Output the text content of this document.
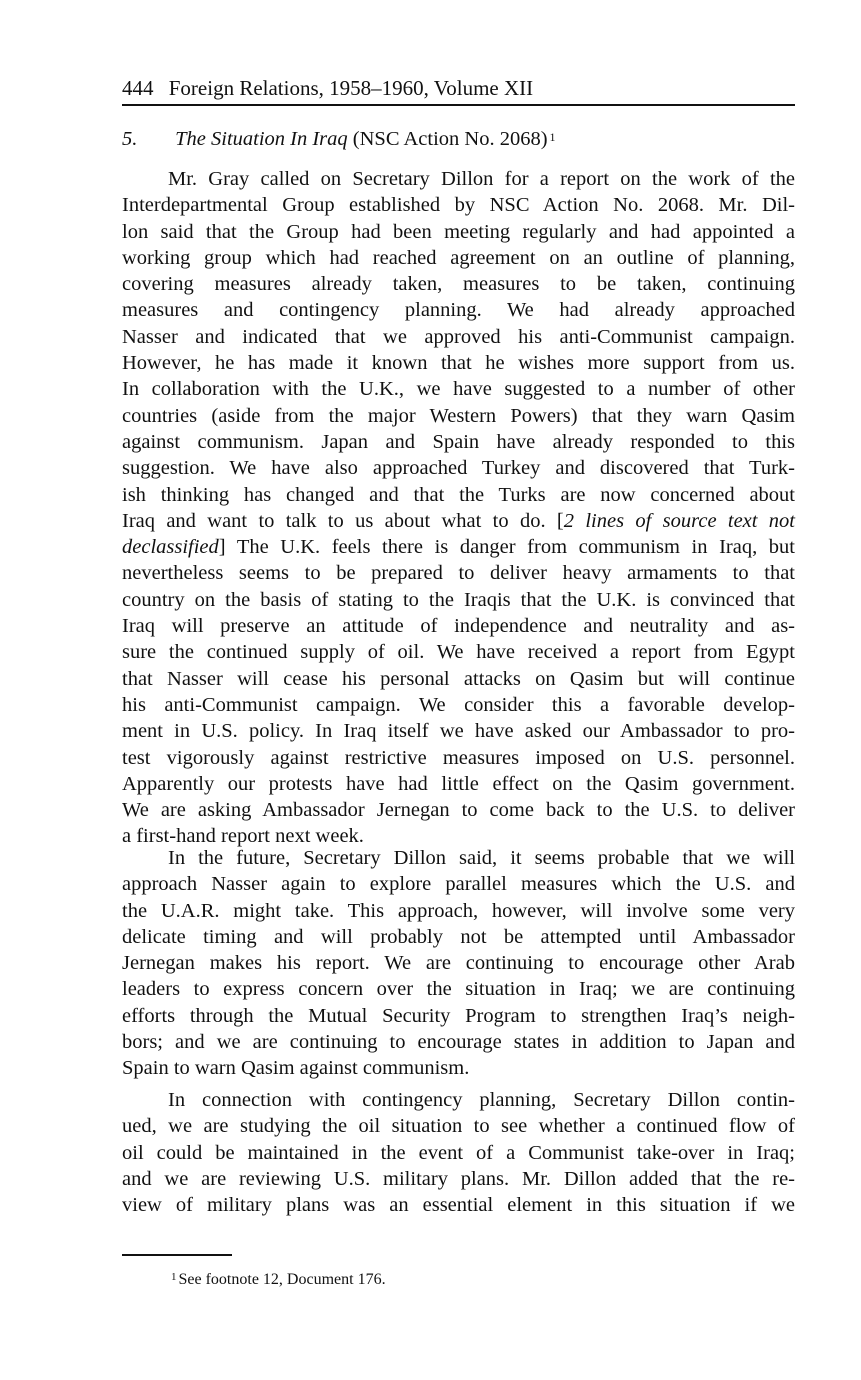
444 Foreign Relations, 1958–1960, Volume XII
5. The Situation In Iraq (NSC Action No. 2068) $^1$
Mr. Gray called on Secretary Dillon for a report on the work of the
Interdepartmental Group established by NSC Action No. 2068. Mr. Dil-
lon said that the Group had been meeting regularly and had appointed a
working group which had reached agreement on an outline of planning,
covering measures already taken, measures to be taken, continuing
measures and contingency planning. We had already approached
Nasser and indicated that we approved his anti-Communist campaign.
However, he has made it known that he wishes more support from us.
In collaboration with the U.K., we have suggested to a number of other
countries (aside from the major Western Powers) that they warn Qasim
against communism. Japan and Spain have already responded to this
suggestion. We have also approached Turkey and discovered that Turk-
ish thinking has changed and that the Turks are now concerned about
Iraq and want to talk to us about what to do. [2 lines of source text not
declassified] The U.K. feels there is danger from communism in Iraq, but
nevertheless seems to be prepared to deliver heavy armaments to that
country on the basis of stating to the Iraqis that the U.K. is convinced that
Iraq will preserve an attitude of independence and neutrality and as-
sure the continued supply of oil. We have received a report from Egypt
that Nasser will cease his personal attacks on Qasim but will continue
his anti-Communist campaign. We consider this a favorable develop-
ment in U.S. policy. In Iraq itself we have asked our Ambassador to pro-
test vigorously against restrictive measures imposed on U.S. personnel.
Apparently our protests have had little effect on the Qasim government.
We are asking Ambassador Jernegan to come back to the U.S. to deliver
a first-hand report next week.
In the future, Secretary Dillon said, it seems probable that we will
approach Nasser again to explore parallel measures which the U.S. and
the U.A.R. might take. This approach, however, will involve some very
delicate timing and will probably not be attempted until Ambassador
Jernegan makes his report. We are continuing to encourage other Arab
leaders to express concern over the situation in Iraq; we are continuing
efforts through the Mutual Security Program to strengthen Iraq’s neigh-
bors; and we are continuing to encourage states in addition to Japan and
Spain to warn Qasim against communism.
In connection with contingency planning, Secretary Dillon contin-
ued, we are studying the oil situation to see whether a continued flow of
oil could be maintained in the event of a Communist take-over in Iraq;
and we are reviewing U.S. military plans. Mr. Dillon added that the re-
view of military plans was an essential element in this situation if we
$^1$ See footnote 12, Document 176.
